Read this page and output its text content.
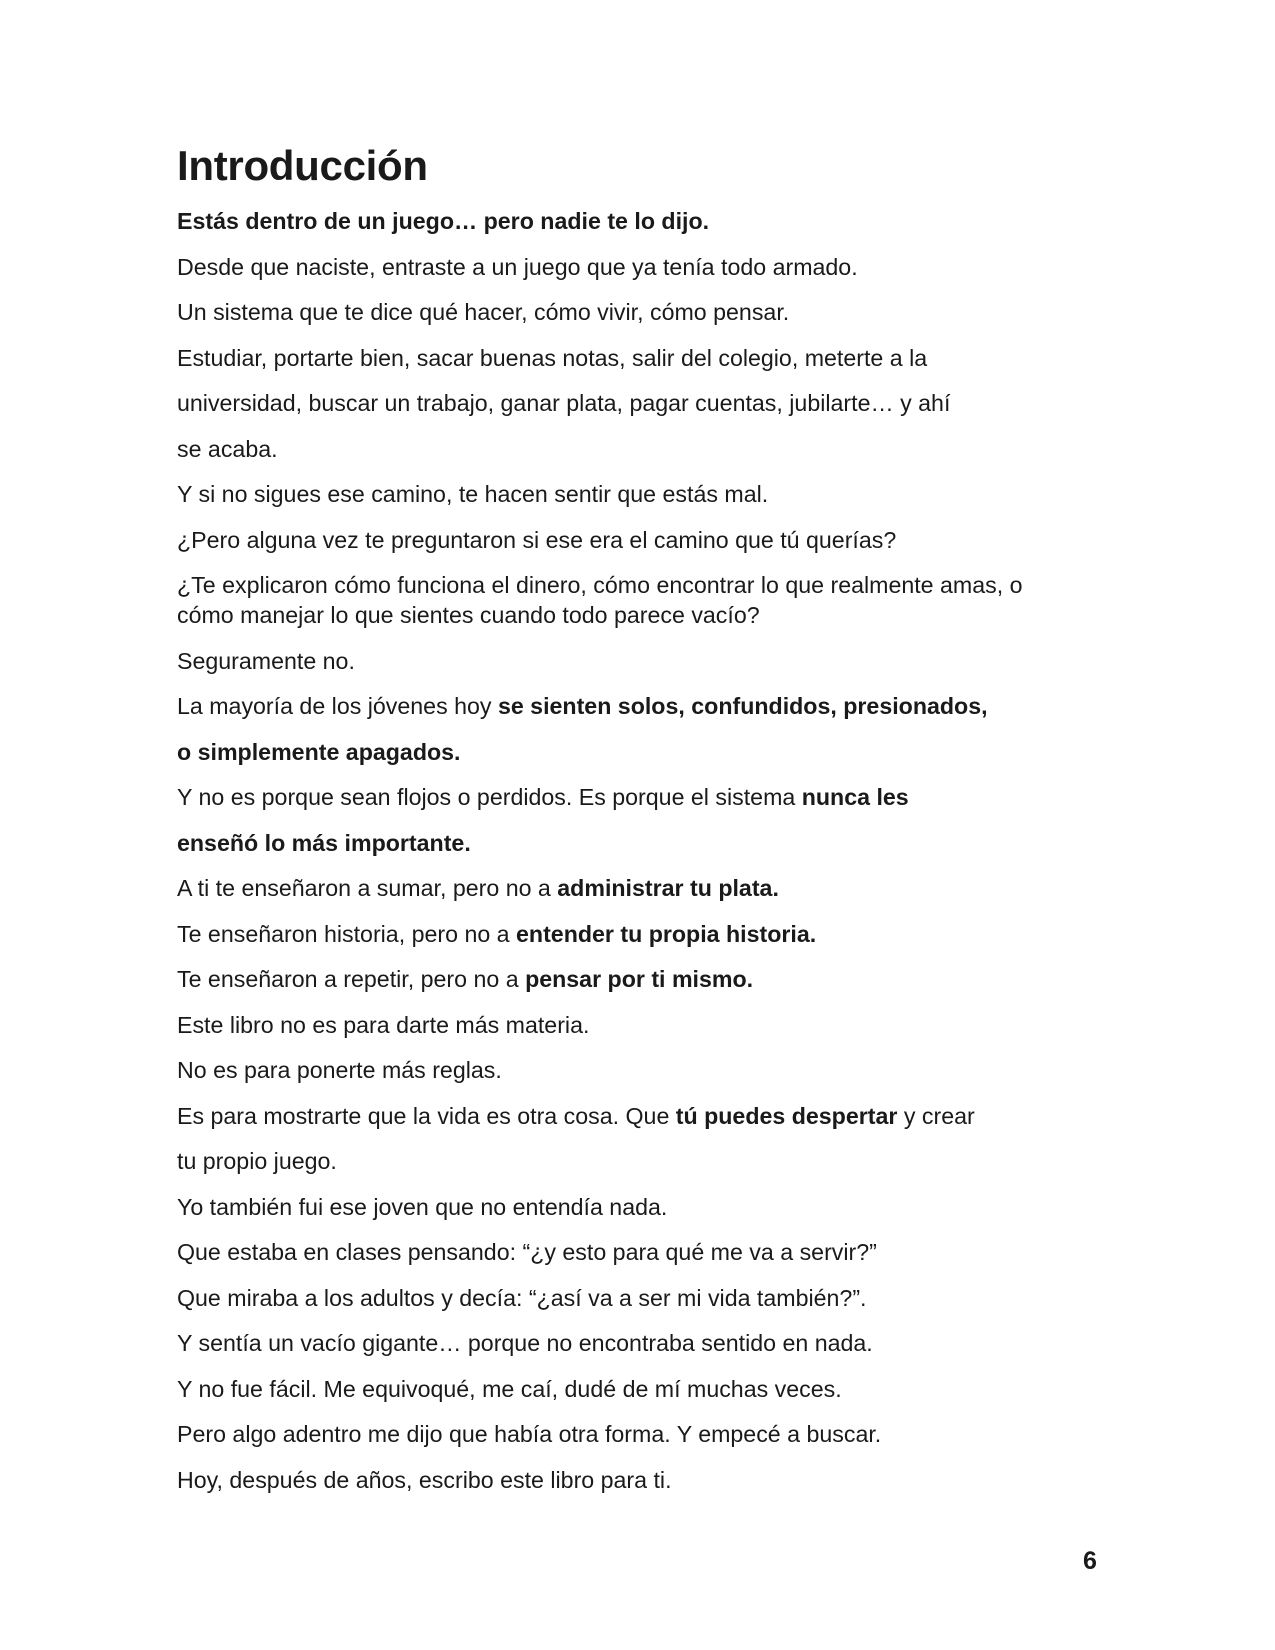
Introducción

Estás dentro de un juego… pero nadie te lo dijo.

Desde que naciste, entraste a un juego que ya tenía todo armado.

Un sistema que te dice qué hacer, cómo vivir, cómo pensar.

Estudiar, portarte bien, sacar buenas notas, salir del colegio, meterte a la

universidad, buscar un trabajo, ganar plata, pagar cuentas, jubilarte… y ahí

se acaba.

Y si no sigues ese camino, te hacen sentir que estás mal.

¿Pero alguna vez te preguntaron si ese era el camino que tú querías?

¿Te explicaron cómo funciona el dinero, cómo encontrar lo que realmente amas, o

cómo manejar lo que sientes cuando todo parece vacío?

Seguramente no.

La mayoría de los jóvenes hoy se sienten solos, confundidos, presionados,

o simplemente apagados.

Y no es porque sean flojos o perdidos. Es porque el sistema nunca les

enseñó lo más importante.

A ti te enseñaron a sumar, pero no a administrar tu plata.

Te enseñaron historia, pero no a entender tu propia historia.

Te enseñaron a repetir, pero no a pensar por ti mismo.

Este libro no es para darte más materia.

No es para ponerte más reglas.

Es para mostrarte que la vida es otra cosa. Que tú puedes despertar y crear

tu propio juego.

Yo también fui ese joven que no entendía nada.

Que estaba en clases pensando: “¿y esto para qué me va a servir?”

Que miraba a los adultos y decía: “¿así va a ser mi vida también?”.

Y sentía un vacío gigante… porque no encontraba sentido en nada.

Y no fue fácil. Me equivoqué, me caí, dudé de mí muchas veces.

Pero algo adentro me dijo que había otra forma. Y empecé a buscar.

Hoy, después de años, escribo este libro para ti.

6
